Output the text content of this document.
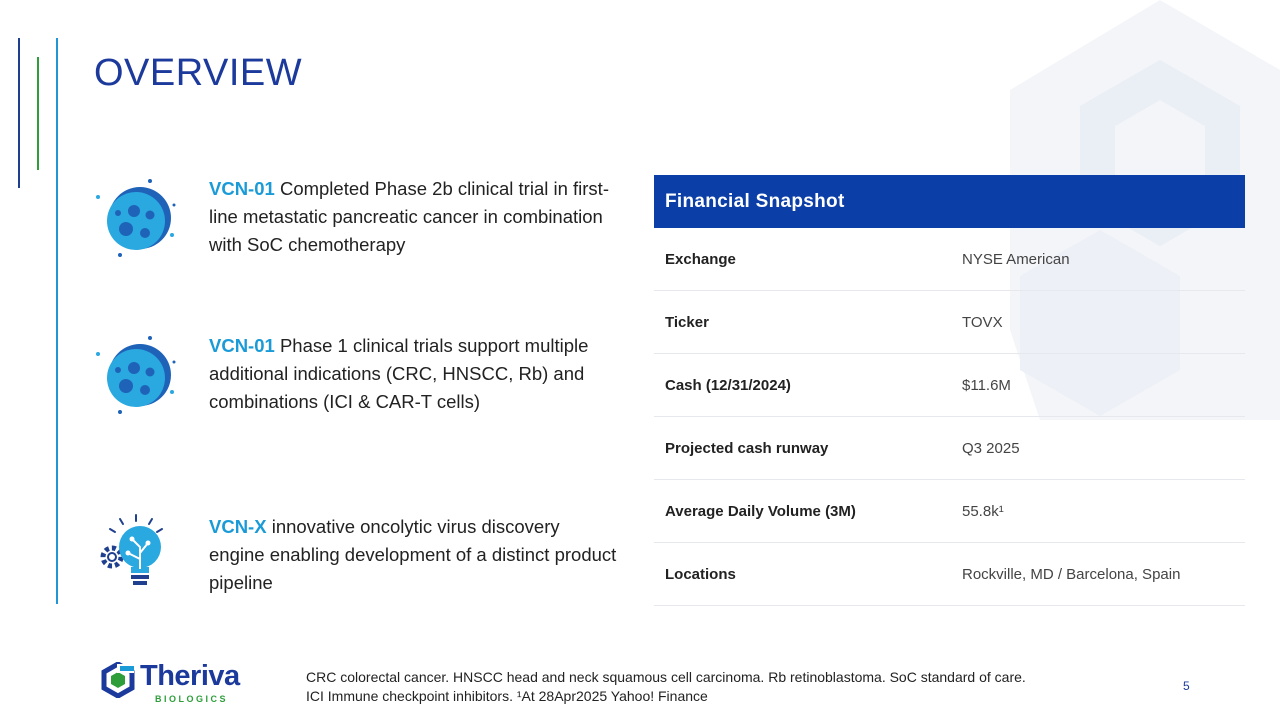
OVERVIEW

VCN-01 Completed Phase 2b clinical trial in first-line metastatic pancreatic cancer in combination with SoC chemotherapy

VCN-01 Phase 1 clinical trials support multiple additional indications (CRC, HNSCC, Rb) and combinations (ICI & CAR-T cells)

VCN-X innovative oncolytic virus discovery engine enabling development of a distinct product pipeline

Financial Snapshot
Exchange	NYSE American
Ticker	TOVX
Cash (12/31/2024)	$11.6M
Projected cash runway	Q3 2025
Average Daily Volume (3M)	55.8k¹
Locations	Rockville, MD / Barcelona, Spain
Theriva
BIOLOGICS
CRC colorectal cancer. HNSCC head and neck squamous cell carcinoma. Rb retinoblastoma. SoC standard of care.
ICI Immune checkpoint inhibitors. ¹At 28Apr2025 Yahoo! Finance
5
